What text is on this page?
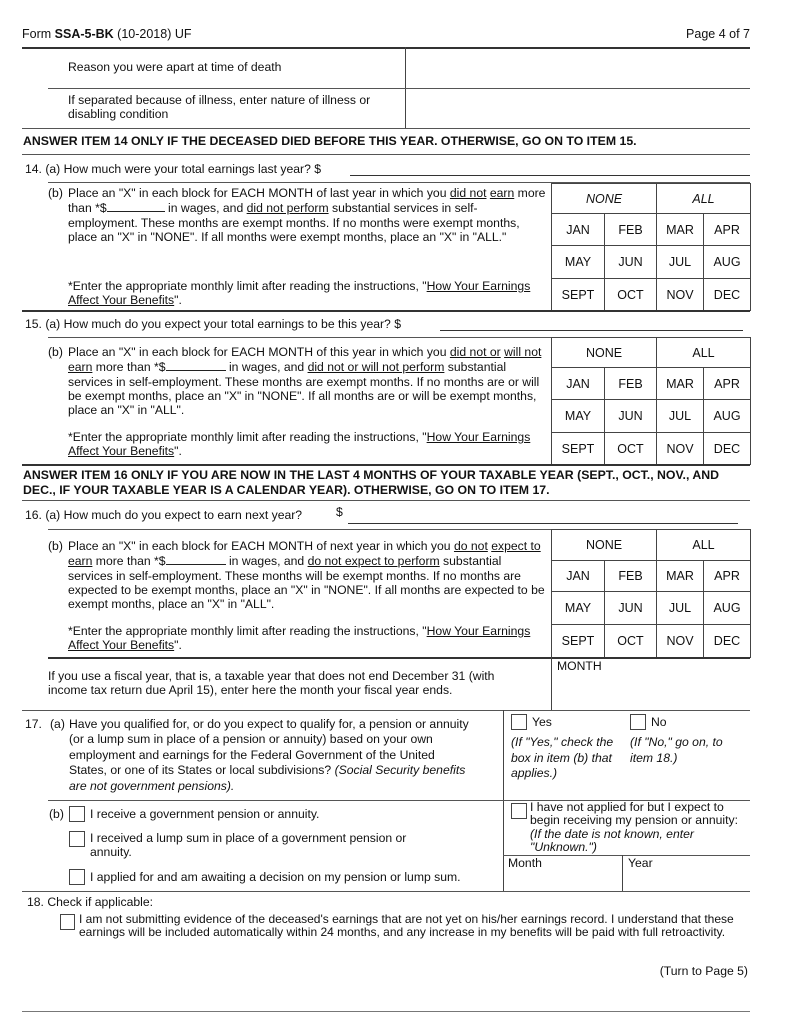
Form SSA-5-BK (10-2018) UF	Page 4 of 7
Reason you were apart at time of death
If separated because of illness, enter nature of illness or disabling condition
ANSWER ITEM 14 ONLY IF THE DECEASED DIED BEFORE THIS YEAR. OTHERWISE, GO ON TO ITEM 15.
14. (a) How much were your total earnings last year? $
(b) Place an "X" in each block for EACH MONTH of last year in which you did not earn more than *$	in wages, and did not perform substantial services in self-employment. These months are exempt months. If no months were exempt months, place an "X" in "NONE". If all months were exempt months, place an "X" in "ALL."
*Enter the appropriate monthly limit after reading the instructions, "How Your Earnings Affect Your Benefits".
NONE		ALL	
JAN	FEB	MAR	APR
MAY	JUN	JUL	AUG
SEPT	OCT	NOV	DEC
15. (a) How much do you expect your total earnings to be this year? $
(b) Place an "X" in each block for EACH MONTH of this year in which you did not or will not earn more than *$	in wages, and did not or will not perform substantial services in self-employment. These months are exempt months. If no months are or will be exempt months, place an "X" in "NONE". If all months are or will be exempt months, place an "X" in "ALL".
*Enter the appropriate monthly limit after reading the instructions, "How Your Earnings Affect Your Benefits".
NONE		ALL	
JAN	FEB	MAR	APR
MAY	JUN	JUL	AUG
SEPT	OCT	NOV	DEC
ANSWER ITEM 16 ONLY IF YOU ARE NOW IN THE LAST 4 MONTHS OF YOUR TAXABLE YEAR (SEPT., OCT., NOV., AND DEC., IF YOUR TAXABLE YEAR IS A CALENDAR YEAR). OTHERWISE, GO ON TO ITEM 17.
16. (a) How much do you expect to earn next year?	$
(b) Place an "X" in each block for EACH MONTH of next year in which you do not expect to earn more than *$	in wages, and do not expect to perform substantial services in self-employment. These months will be exempt months. If no months are expected to be exempt months, place an "X" in "NONE". If all months are expected to be exempt months, place an "X" in "ALL".
*Enter the appropriate monthly limit after reading the instructions, "How Your Earnings Affect Your Benefits".
NONE		ALL	
JAN	FEB	MAR	APR
MAY	JUN	JUL	AUG
SEPT	OCT	NOV	DEC
If you use a fiscal year, that is, a taxable year that does not end December 31 (with income tax return due April 15), enter here the month your fiscal year ends.
MONTH
17. (a) Have you qualified for, or do you expect to qualify for, a pension or annuity (or a lump sum in place of a pension or annuity) based on your own employment and earnings for the Federal Government of the United States, or one of its States or local subdivisions? (Social Security benefits are not government pensions).
Yes
(If "Yes," check the box in item (b) that applies.)
No
(If "No," go on, to item 18.)
(b) I receive a government pension or annuity.
I received a lump sum in place of a government pension or annuity.
I applied for and am awaiting a decision on my pension or lump sum.
I have not applied for but I expect to begin receiving my pension or annuity: (If the date is not known, enter "Unknown.")
Month	Year
18. Check if applicable:
I am not submitting evidence of the deceased's earnings that are not yet on his/her earnings record. I understand that these earnings will be included automatically within 24 months, and any increase in my benefits will be paid with full retroactivity.
(Turn to Page 5)
